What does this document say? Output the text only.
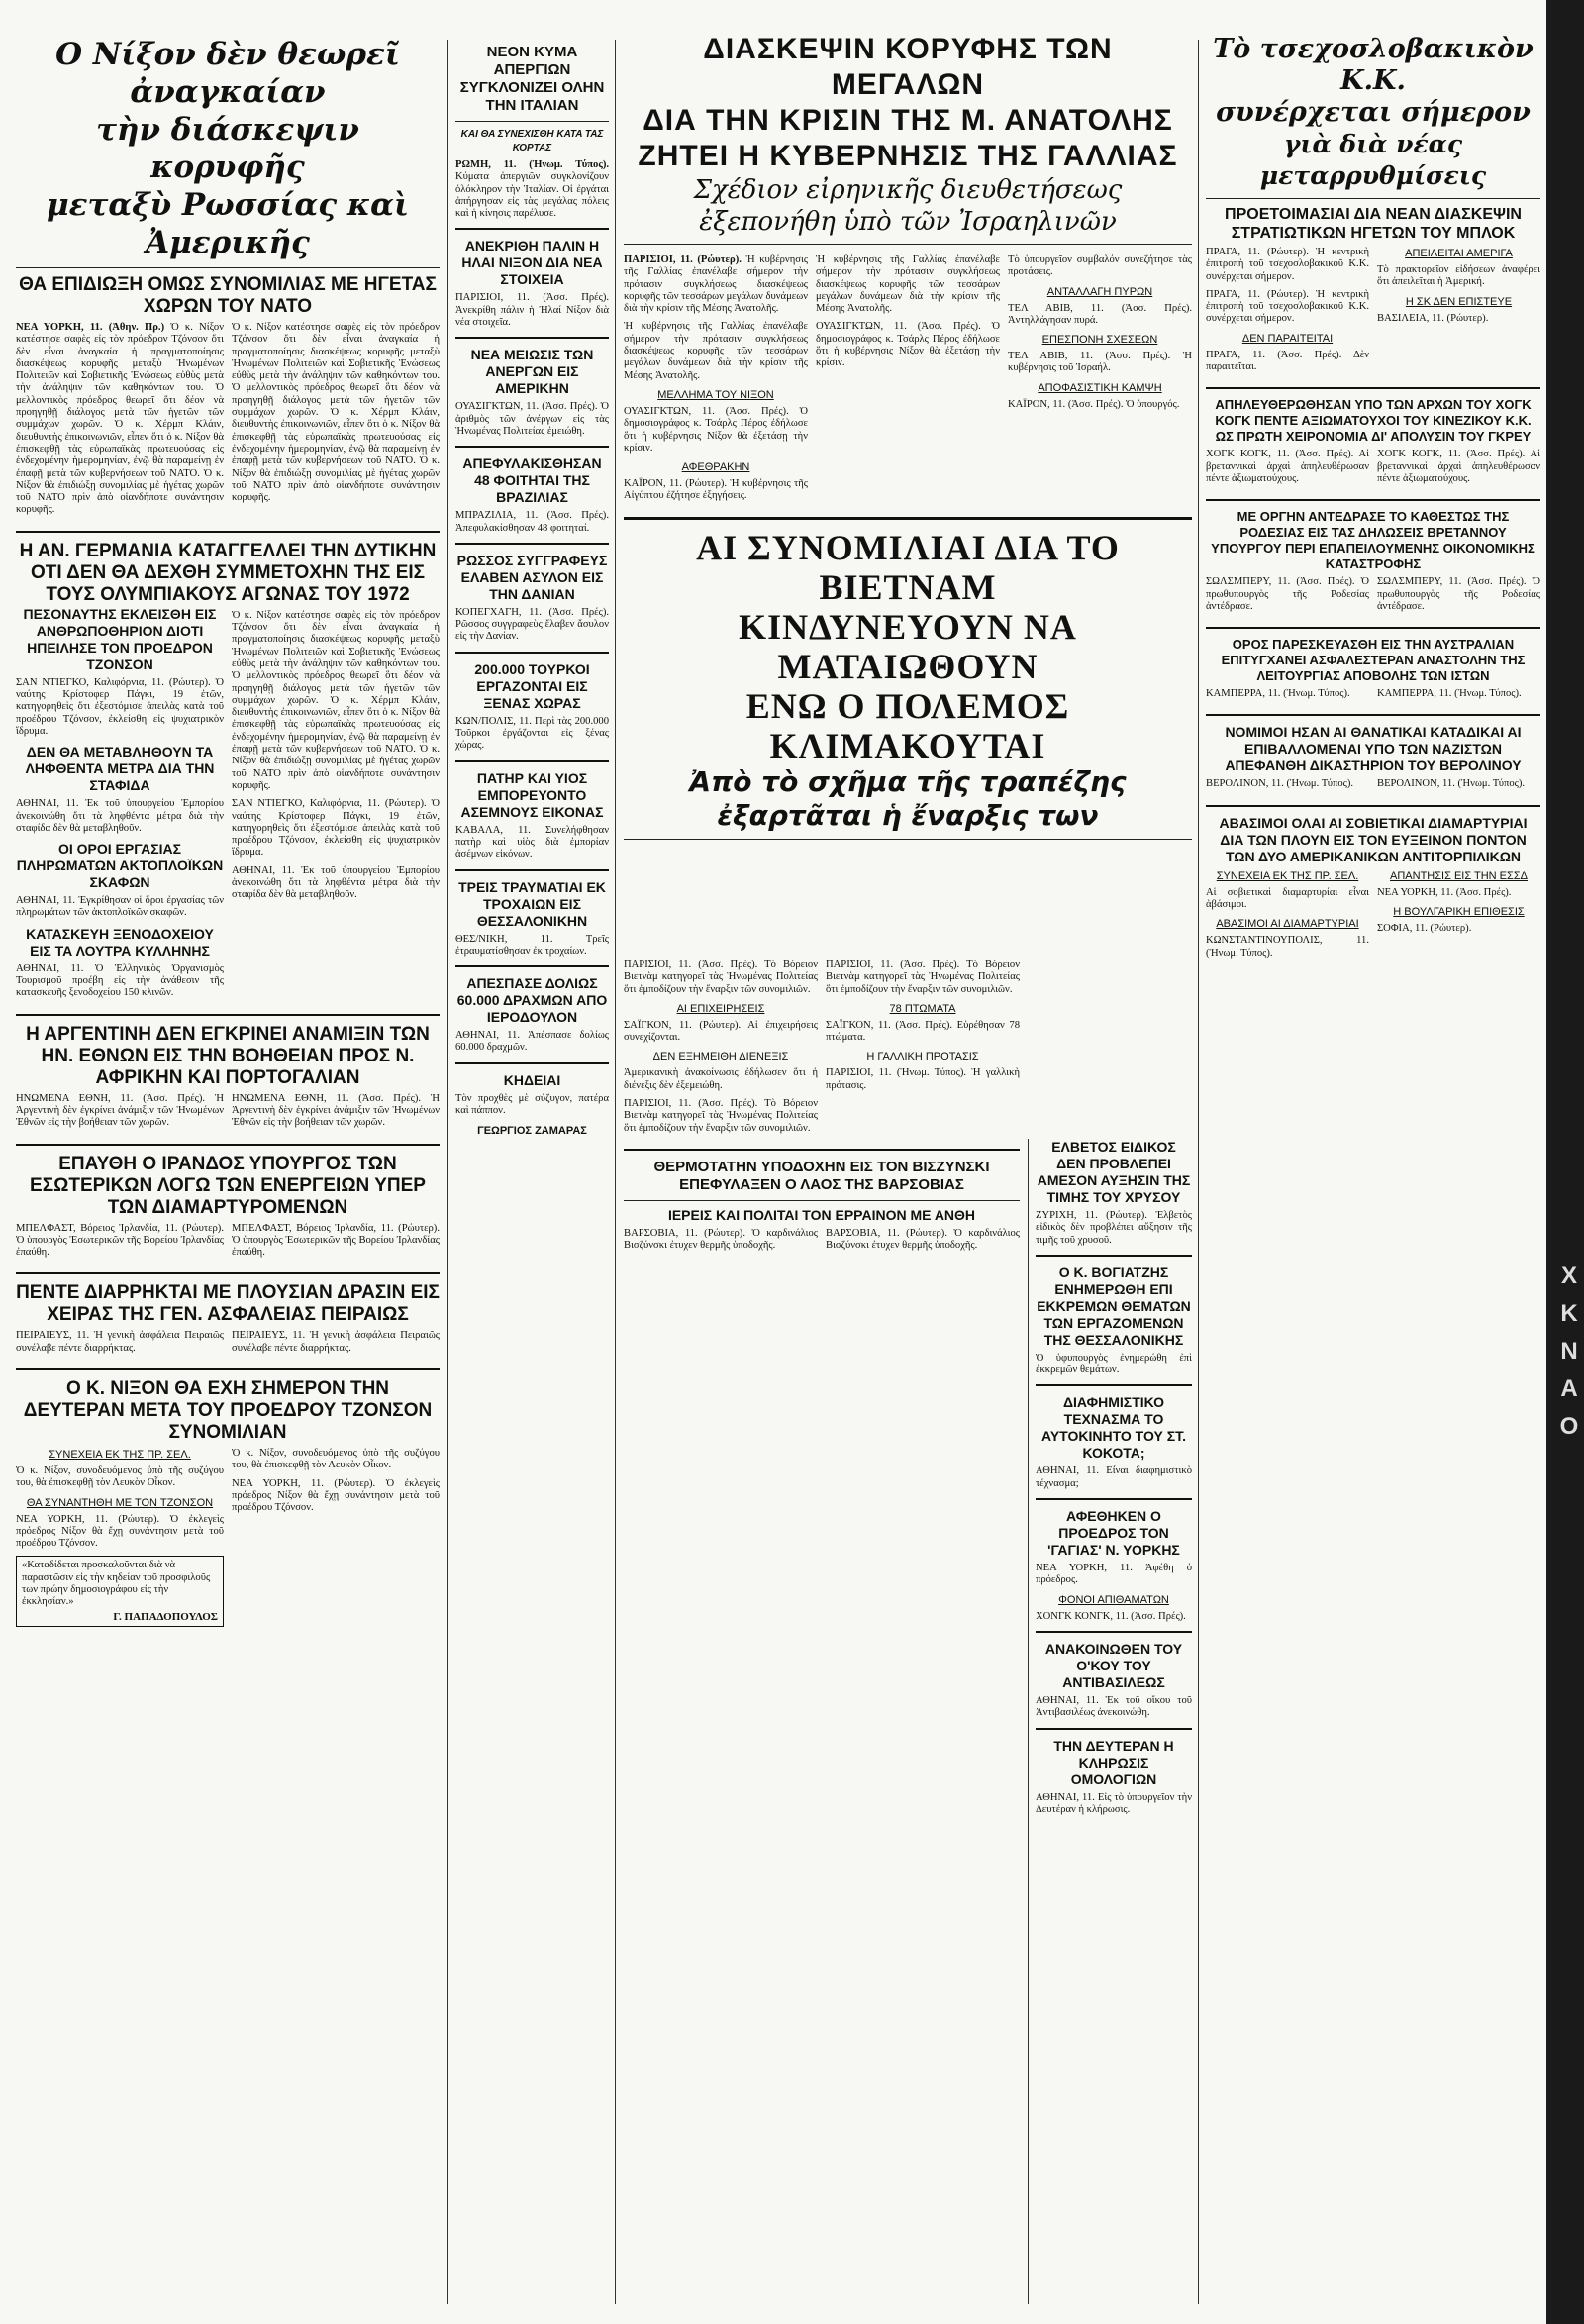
Ο Νίξον δὲν θεωρεῖ ἀναγκαίαν
τὴν διάσκεψιν κορυφῆς
μεταξὺ Ρωσσίας καὶ Ἀμερικῆς
ΘΑ ΕΠΙΔΙΩΞΗ ΟΜΩΣ ΣΥΝΟΜΙΛΙΑΣ ΜΕ ΗΓΕΤΑΣ ΧΩΡΩΝ ΤΟΥ ΝΑΤΟ

ΝΕΑ ΥΟΡΚΗ, 11. (Ἀθην. Πρ.) Ὁ κ. Νίξον κατέστησε σαφὲς εἰς τὸν πρόεδρον Τζόνσον ὅτι δὲν εἶναι ἀναγκαία ἡ πραγματοποίησις διασκέψεως κορυφῆς μεταξὺ Ἡνωμένων Πολιτειῶν καὶ Σοβιετικῆς Ἑνώσεως εὐθὺς μετὰ τὴν ἀνάληψιν τῶν καθηκόντων του. Ὁ μελλοντικὸς πρόεδρος θεωρεῖ ὅτι δέον νὰ προηγηθῇ διάλογος μετὰ τῶν ἡγετῶν τῶν συμμάχων χωρῶν. Ὁ κ. Χέρμπ Κλάιν, διευθυντὴς ἐπικοινωνιῶν, εἶπεν ὅτι ὁ κ. Νίξον θὰ ἐπισκεφθῇ τὰς εὐρωπαϊκὰς πρωτευούσας εἰς ἐνδεχομένην ἡμερομηνίαν, ἐνῷ θὰ παραμείνῃ ἐν ἐπαφῇ μετὰ τῶν κυβερνήσεων τοῦ ΝΑΤΟ. Ὁ κ. Νίξον θὰ ἐπιδιώξῃ συνομιλίας μὲ ἡγέτας χωρῶν τοῦ ΝΑΤΟ πρὶν ἀπὸ οἱανδήποτε συνάντησιν κορυφῆς.

Ὁ κ. Νίξον κατέστησε σαφὲς εἰς τὸν πρόεδρον Τζόνσον ὅτι δὲν εἶναι ἀναγκαία ἡ πραγματοποίησις διασκέψεως κορυφῆς μεταξὺ Ἡνωμένων Πολιτειῶν καὶ Σοβιετικῆς Ἑνώσεως εὐθὺς μετὰ τὴν ἀνάληψιν τῶν καθηκόντων του. Ὁ μελλοντικὸς πρόεδρος θεωρεῖ ὅτι δέον νὰ προηγηθῇ διάλογος μετὰ τῶν ἡγετῶν τῶν συμμάχων χωρῶν. Ὁ κ. Χέρμπ Κλάιν, διευθυντὴς ἐπικοινωνιῶν, εἶπεν ὅτι ὁ κ. Νίξον θὰ ἐπισκεφθῇ τὰς εὐρωπαϊκὰς πρωτευούσας εἰς ἐνδεχομένην ἡμερομηνίαν, ἐνῷ θὰ παραμείνῃ ἐν ἐπαφῇ μετὰ τῶν κυβερνήσεων τοῦ ΝΑΤΟ. Ὁ κ. Νίξον θὰ ἐπιδιώξῃ συνομιλίας μὲ ἡγέτας χωρῶν τοῦ ΝΑΤΟ πρὶν ἀπὸ οἱανδήποτε συνάντησιν κορυφῆς.

Η ΑΝ. ΓΕΡΜΑΝΙΑ ΚΑΤΑΓΓΕΛΛΕΙ ΤΗΝ ΔΥΤΙΚΗΝ ΟΤΙ ΔΕΝ ΘΑ ΔΕΧΘΗ ΣΥΜΜΕΤΟΧΗΝ ΤΗΣ ΕΙΣ ΤΟΥΣ ΟΛΥΜΠΙΑΚΟΥΣ ΑΓΩΝΑΣ ΤΟΥ 1972
ΠΕΣΟΝΑΥΤΗΣ ΕΚΛΕΙΣΘΗ ΕΙΣ ΑΝΘΡΩΠΟΘΗΡΙΟΝ ΔΙΟΤΙ ΗΠΕΙΛΗΣΕ ΤΟΝ ΠΡΟΕΔΡΟΝ ΤΖΟΝΣΟΝ

ΣΑΝ ΝΤΙΕΓΚΟ, Καλιφόρνια, 11. (Ρώυτερ). Ὁ ναύτης Κρίστοφερ Πάγκι, 19 ἐτῶν, κατηγορηθεὶς ὅτι ἐξεστόμισε ἀπειλὰς κατὰ τοῦ προέδρου Τζόνσον, ἐκλείσθη εἰς ψυχιατρικὸν ἵδρυμα.

ΔΕΝ ΘΑ ΜΕΤΑΒΛΗΘΟΥΝ ΤΑ ΛΗΦΘΕΝΤΑ ΜΕΤΡΑ ΔΙΑ ΤΗΝ ΣΤΑΦΙΔΑ

ΑΘΗΝΑΙ, 11. Ἐκ τοῦ ὑπουργείου Ἐμπορίου ἀνεκοινώθη ὅτι τὰ ληφθέντα μέτρα διὰ τὴν σταφίδα δὲν θὰ μεταβληθοῦν.

ΟΙ ΟΡΟΙ ΕΡΓΑΣΙΑΣ ΠΛΗΡΩΜΑΤΩΝ ΑΚΤΟΠΛΟΪΚΩΝ ΣΚΑΦΩΝ

ΑΘΗΝΑΙ, 11. Ἐγκρίθησαν οἱ ὅροι ἐργασίας τῶν πληρωμάτων τῶν ἀκτοπλοϊκῶν σκαφῶν.

ΚΑΤΑΣΚΕΥΗ ΞΕΝΟΔΟΧΕΙΟΥ ΕΙΣ ΤΑ ΛΟΥΤΡΑ ΚΥΛΛΗΝΗΣ

ΑΘΗΝΑΙ, 11. Ὁ Ἑλληνικὸς Ὀργανισμὸς Τουρισμοῦ προέβη εἰς τὴν ἀνάθεσιν τῆς κατασκευῆς ξενοδοχείου 150 κλινῶν.

Ὁ κ. Νίξον κατέστησε σαφὲς εἰς τὸν πρόεδρον Τζόνσον ὅτι δὲν εἶναι ἀναγκαία ἡ πραγματοποίησις διασκέψεως κορυφῆς μεταξὺ Ἡνωμένων Πολιτειῶν καὶ Σοβιετικῆς Ἑνώσεως εὐθὺς μετὰ τὴν ἀνάληψιν τῶν καθηκόντων του. Ὁ μελλοντικὸς πρόεδρος θεωρεῖ ὅτι δέον νὰ προηγηθῇ διάλογος μετὰ τῶν ἡγετῶν τῶν συμμάχων χωρῶν. Ὁ κ. Χέρμπ Κλάιν, διευθυντὴς ἐπικοινωνιῶν, εἶπεν ὅτι ὁ κ. Νίξον θὰ ἐπισκεφθῇ τὰς εὐρωπαϊκὰς πρωτευούσας εἰς ἐνδεχομένην ἡμερομηνίαν, ἐνῷ θὰ παραμείνῃ ἐν ἐπαφῇ μετὰ τῶν κυβερνήσεων τοῦ ΝΑΤΟ. Ὁ κ. Νίξον θὰ ἐπιδιώξῃ συνομιλίας μὲ ἡγέτας χωρῶν τοῦ ΝΑΤΟ πρὶν ἀπὸ οἱανδήποτε συνάντησιν κορυφῆς.

ΣΑΝ ΝΤΙΕΓΚΟ, Καλιφόρνια, 11. (Ρώυτερ). Ὁ ναύτης Κρίστοφερ Πάγκι, 19 ἐτῶν, κατηγορηθεὶς ὅτι ἐξεστόμισε ἀπειλὰς κατὰ τοῦ προέδρου Τζόνσον, ἐκλείσθη εἰς ψυχιατρικὸν ἵδρυμα.

ΑΘΗΝΑΙ, 11. Ἐκ τοῦ ὑπουργείου Ἐμπορίου ἀνεκοινώθη ὅτι τὰ ληφθέντα μέτρα διὰ τὴν σταφίδα δὲν θὰ μεταβληθοῦν.

Η ΑΡΓΕΝΤΙΝΗ ΔΕΝ ΕΓΚΡΙΝΕΙ ΑΝΑΜΙΞΙΝ ΤΩΝ ΗΝ. ΕΘΝΩΝ ΕΙΣ ΤΗΝ ΒΟΗΘΕΙΑΝ ΠΡΟΣ Ν. ΑΦΡΙΚΗΝ ΚΑΙ ΠΟΡΤΟΓΑΛΙΑΝ

ΗΝΩΜΕΝΑ ΕΘΝΗ, 11. (Ἀσσ. Πρές). Ἡ Ἀργεντινὴ δὲν ἐγκρίνει ἀνάμιξιν τῶν Ἡνωμένων Ἐθνῶν εἰς τὴν βοήθειαν τῶν χωρῶν.

ΗΝΩΜΕΝΑ ΕΘΝΗ, 11. (Ἀσσ. Πρές). Ἡ Ἀργεντινὴ δὲν ἐγκρίνει ἀνάμιξιν τῶν Ἡνωμένων Ἐθνῶν εἰς τὴν βοήθειαν τῶν χωρῶν.

ΕΠΑΥΘΗ Ο ΙΡΑΝΔΟΣ ΥΠΟΥΡΓΟΣ ΤΩΝ ΕΣΩΤΕΡΙΚΩΝ ΛΟΓΩ ΤΩΝ ΕΝΕΡΓΕΙΩΝ ΥΠΕΡ ΤΩΝ ΔΙΑΜΑΡΤΥΡΟΜΕΝΩΝ

ΜΠΕΛΦΑΣΤ, Βόρειος Ἰρλανδία, 11. (Ρώυτερ). Ὁ ὑπουργὸς Ἐσωτερικῶν τῆς Βορείου Ἰρλανδίας ἐπαύθη.

ΜΠΕΛΦΑΣΤ, Βόρειος Ἰρλανδία, 11. (Ρώυτερ). Ὁ ὑπουργὸς Ἐσωτερικῶν τῆς Βορείου Ἰρλανδίας ἐπαύθη.

ΠΕΝΤΕ ΔΙΑΡΡΗΚΤΑΙ ΜΕ ΠΛΟΥΣΙΑΝ ΔΡΑΣΙΝ ΕΙΣ ΧΕΙΡΑΣ ΤΗΣ ΓΕΝ. ΑΣΦΑΛΕΙΑΣ ΠΕΙΡΑΙΩΣ

ΠΕΙΡΑΙΕΥΣ, 11. Ἡ γενικὴ ἀσφάλεια Πειραιῶς συνέλαβε πέντε διαρρήκτας.

ΠΕΙΡΑΙΕΥΣ, 11. Ἡ γενικὴ ἀσφάλεια Πειραιῶς συνέλαβε πέντε διαρρήκτας.

Ο Κ. ΝΙΞΟΝ ΘΑ ΕΧΗ ΣΗΜΕΡΟΝ ΤΗΝ ΔΕΥΤΕΡΑΝ ΜΕΤΑ ΤΟΥ ΠΡΟΕΔΡΟΥ ΤΖΟΝΣΟΝ ΣΥΝΟΜΙΛΙΑΝ
ΣΥΝΕΧΕΙΑ ΕΚ ΤΗΣ ΠΡ. ΣΕΛ.

Ὁ κ. Νίξον, συνοδευόμενος ὑπὸ τῆς συζύγου του, θὰ ἐπισκεφθῇ τὸν Λευκὸν Οἶκον.

ΘΑ ΣΥΝΑΝΤΗΘΗ ΜΕ ΤΟΝ ΤΖΟΝΣΟΝ

ΝΕΑ ΥΟΡΚΗ, 11. (Ρώυτερ). Ὁ ἐκλεγεὶς πρόεδρος Νίξον θὰ ἔχῃ συνάντησιν μετὰ τοῦ προέδρου Τζόνσον.

«Καταδίδεται προσκαλοῦνται διὰ νὰ παραστῶσιν εἰς τὴν κηδείαν τοῦ προσφιλοῦς των πρώην δημοσιογράφου εἰς τὴν ἐκκλησίαν.»
Γ. ΠΑΠΑΔΟΠΟΥΛΟΣ

Ὁ κ. Νίξον, συνοδευόμενος ὑπὸ τῆς συζύγου του, θὰ ἐπισκεφθῇ τὸν Λευκὸν Οἶκον.

ΝΕΑ ΥΟΡΚΗ, 11. (Ρώυτερ). Ὁ ἐκλεγεὶς πρόεδρος Νίξον θὰ ἔχῃ συνάντησιν μετὰ τοῦ προέδρου Τζόνσον.

ΝΕΟΝ ΚΥΜΑ ΑΠΕΡΓΙΩΝ ΣΥΓΚΛΟΝΙΖΕΙ ΟΛΗΝ ΤΗΝ ΙΤΑΛΙΑΝ
ΚΑΙ ΘΑ ΣΥΝΕΧΙΣΘΗ ΚΑΤΑ ΤΑΣ ΚΟΡΤΑΣ

ΡΩΜΗ, 11. (Ἠνωμ. Τύπος). Κύματα ἀπεργιῶν συγκλονίζουν ὁλόκληρον τὴν Ἰταλίαν. Οἱ ἐργάται ἀπήργησαν εἰς τὰς μεγάλας πόλεις καὶ ἡ κίνησις παρέλυσε.

ΑΝΕΚΡΙΘΗ ΠΑΛΙΝ Η ΗΛΑΙ ΝΙΞΟΝ ΔΙΑ ΝΕΑ ΣΤΟΙΧΕΙΑ

ΠΑΡΙΣΙΟΙ, 11. (Ἀσσ. Πρές). Ἀνεκρίθη πάλιν ἡ Ἠλαί Νίξον διὰ νέα στοιχεῖα.

ΝΕΑ ΜΕΙΩΣΙΣ ΤΩΝ ΑΝΕΡΓΩΝ ΕΙΣ ΑΜΕΡΙΚΗΝ

ΟΥΑΣΙΓΚΤΩΝ, 11. (Ἀσσ. Πρές). Ὁ ἀριθμὸς τῶν ἀνέργων εἰς τὰς Ἡνωμένας Πολιτείας ἐμειώθη.

ΑΠΕΦΥΛΑΚΙΣΘΗΣΑΝ 48 ΦΟΙΤΗΤΑΙ ΤΗΣ ΒΡΑΖΙΛΙΑΣ

ΜΠΡΑΖΙΛΙΑ, 11. (Ἀσσ. Πρές). Ἀπεφυλακίσθησαν 48 φοιτηταί.

ΡΩΣΣΟΣ ΣΥΓΓΡΑΦΕΥΣ ΕΛΑΒΕΝ ΑΣΥΛΟΝ ΕΙΣ ΤΗΝ ΔΑΝΙΑΝ

ΚΟΠΕΓΧΑΓΗ, 11. (Ἀσσ. Πρές). Ρῶσσος συγγραφεὺς ἔλαβεν ἄσυλον εἰς τὴν Δανίαν.

200.000 ΤΟΥΡΚΟΙ ΕΡΓΑΖΟΝΤΑΙ ΕΙΣ ΞΕΝΑΣ ΧΩΡΑΣ

ΚΩΝ/ΠΟΛΙΣ, 11. Περὶ τὰς 200.000 Τοῦρκοι ἐργάζονται εἰς ξένας χώρας.

ΠΑΤΗΡ ΚΑΙ ΥΙΟΣ ΕΜΠΟΡΕΥΟΝΤΟ ΑΣΕΜΝΟΥΣ ΕΙΚΟΝΑΣ

ΚΑΒΑΛΑ, 11. Συνελήφθησαν πατὴρ καὶ υἱὸς διὰ ἐμπορίαν ἀσέμνων εἰκόνων.

ΤΡΕΙΣ ΤΡΑΥΜΑΤΙΑΙ ΕΚ ΤΡΟΧΑΙΩΝ ΕΙΣ ΘΕΣΣΑΛΟΝΙΚΗΝ

ΘΕΣ/ΝΙΚΗ, 11. Τρεῖς ἐτραυματίσθησαν ἐκ τροχαίων.

ΑΠΕΣΠΑΣΕ ΔΟΛΙΩΣ 60.000 ΔΡΑΧΜΩΝ ΑΠΟ ΙΕΡΟΔΟΥΛΟΝ

ΑΘΗΝΑΙ, 11. Ἀπέσπασε δολίως 60.000 δραχμῶν.

ΚΗΔΕΙΑΙ

Τὸν προχθὲς μὲ σύζυγον, πατέρα καὶ πάππον.

ΓΕΩΡΓΙΟΣ ΖΑΜΑΡΑΣ
ΔΙΑΣΚΕΨΙΝ ΚΟΡΥΦΗΣ ΤΩΝ ΜΕΓΑΛΩΝ
ΔΙΑ ΤΗΝ ΚΡΙΣΙΝ ΤΗΣ Μ. ΑΝΑΤΟΛΗΣ
ΖΗΤΕΙ Η ΚΥΒΕΡΝΗΣΙΣ ΤΗΣ ΓΑΛΛΙΑΣ
Σχέδιον εἰρηνικῆς διευθετήσεως ἐξεπονήθη ὑπὸ τῶν Ἰσραηλινῶν

ΠΑΡΙΣΙΟΙ, 11. (Ρώυτερ). Ἡ κυβέρνησις τῆς Γαλλίας ἐπανέλαβε σήμερον τὴν πρότασιν συγκλήσεως διασκέψεως κορυφῆς τῶν τεσσάρων μεγάλων δυνάμεων διὰ τὴν κρίσιν τῆς Μέσης Ἀνατολῆς.

Ἡ κυβέρνησις τῆς Γαλλίας ἐπανέλαβε σήμερον τὴν πρότασιν συγκλήσεως διασκέψεως κορυφῆς τῶν τεσσάρων μεγάλων δυνάμεων διὰ τὴν κρίσιν τῆς Μέσης Ἀνατολῆς.

ΜΕΛΛΗΜΑ ΤΟΥ ΝΙΞΟΝ

ΟΥΑΣΙΓΚΤΩΝ, 11. (Ἀσσ. Πρές). Ὁ δημοσιογράφος κ. Τσάρλς Πέρος ἐδήλωσε ὅτι ἡ κυβέρνησις Νίξον θὰ ἐξετάσῃ τὴν κρίσιν.

ΑΦΕΘΡΑΚΗΝ

ΚΑΪΡΟΝ, 11. (Ρώυτερ). Ἡ κυβέρνησις τῆς Αἰγύπτου ἐζήτησε ἐξηγήσεις.

Ἡ κυβέρνησις τῆς Γαλλίας ἐπανέλαβε σήμερον τὴν πρότασιν συγκλήσεως διασκέψεως κορυφῆς τῶν τεσσάρων μεγάλων δυνάμεων διὰ τὴν κρίσιν τῆς Μέσης Ἀνατολῆς.

ΟΥΑΣΙΓΚΤΩΝ, 11. (Ἀσσ. Πρές). Ὁ δημοσιογράφος κ. Τσάρλς Πέρος ἐδήλωσε ὅτι ἡ κυβέρνησις Νίξον θὰ ἐξετάσῃ τὴν κρίσιν.

Τὸ ὑπουργεῖον συμβαλόν συνεζήτησε τὰς προτάσεις.

ΑΝΤΑΛΛΑΓΗ ΠΥΡΩΝ

ΤΕΛ ΑΒΙΒ, 11. (Ἀσσ. Πρές). Ἀντηλλάγησαν πυρά.

ΕΠΕΣΠΟΝΗ ΣΧΕΣΕΩΝ

ΤΕΛ ΑΒΙΒ, 11. (Ἀσσ. Πρές). Ἡ κυβέρνησις τοῦ Ἰσραήλ.

ΑΠΟΦΑΣΙΣΤΙΚΗ ΚΑΜΨΗ

ΚΑΪΡΟΝ, 11. (Ἀσσ. Πρές). Ὁ ὑπουργός.

ΑΙ ΣΥΝΟΜΙΛΙΑΙ ΔΙΑ ΤΟ ΒΙΕΤΝΑΜ
ΚΙΝΔΥΝΕΥΟΥΝ ΝΑ ΜΑΤΑΙΩΘΟΥΝ
ΕΝΩ Ο ΠΟΛΕΜΟΣ ΚΛΙΜΑΚΟΥΤΑΙ
Ἀπὸ τὸ σχῆμα τῆς τραπέζης ἐξαρτᾶται ἡ ἔναρξις των

ΠΑΡΙΣΙΟΙ, 11. (Ἀσσ. Πρές). Τὸ Βόρειον Βιετνὰμ κατηγορεῖ τὰς Ἡνωμένας Πολιτείας ὅτι ἐμποδίζουν τὴν ἔναρξιν τῶν συνομιλιῶν.

ΑΙ ΕΠΙΧΕΙΡΗΣΕΙΣ

ΣΑΪΓΚΟΝ, 11. (Ρώυτερ). Αἱ ἐπιχειρήσεις συνεχίζονται.

ΔΕΝ ΕΞΗΜΕΙΘΗ ΔΙΕΝΕΞΙΣ

Ἀμερικανικὴ ἀνακοίνωσις ἐδήλωσεν ὅτι ἡ διένεξις δὲν ἐξεμειώθη.

ΠΑΡΙΣΙΟΙ, 11. (Ἀσσ. Πρές). Τὸ Βόρειον Βιετνὰμ κατηγορεῖ τὰς Ἡνωμένας Πολιτείας ὅτι ἐμποδίζουν τὴν ἔναρξιν τῶν συνομιλιῶν.

ΠΑΡΙΣΙΟΙ, 11. (Ἀσσ. Πρές). Τὸ Βόρειον Βιετνὰμ κατηγορεῖ τὰς Ἡνωμένας Πολιτείας ὅτι ἐμποδίζουν τὴν ἔναρξιν τῶν συνομιλιῶν.

78 ΠΤΩΜΑΤΑ

ΣΑΪΓΚΟΝ, 11. (Ἀσσ. Πρές). Εὑρέθησαν 78 πτώματα.

Η ΓΑΛΛΙΚΗ ΠΡΟΤΑΣΙΣ

ΠΑΡΙΣΙΟΙ, 11. (Ἠνωμ. Τύπος). Ἡ γαλλικὴ πρότασις.

ΘΕΡΜΟΤΑΤΗΝ ΥΠΟΔΟΧΗΝ ΕΙΣ ΤΟΝ ΒΙΣΖΥΝΣΚΙ ΕΠΕΦΥΛΑΞΕΝ Ο ΛΑΟΣ ΤΗΣ ΒΑΡΣΟΒΙΑΣ
ΙΕΡΕΙΣ ΚΑΙ ΠΟΛΙΤΑΙ ΤΟΝ ΕΡΡΑΙΝΟΝ ΜΕ ΑΝΘΗ

ΒΑΡΣΟΒΙΑ, 11. (Ρώυτερ). Ὁ καρδινάλιος Βισζύνσκι ἐτυχεν θερμῆς ὑποδοχῆς.

ΒΑΡΣΟΒΙΑ, 11. (Ρώυτερ). Ὁ καρδινάλιος Βισζύνσκι ἐτυχεν θερμῆς ὑποδοχῆς.

ΕΛΒΕΤΟΣ ΕΙΔΙΚΟΣ ΔΕΝ ΠΡΟΒΛΕΠΕΙ ΑΜΕΣΟΝ ΑΥΞΗΣΙΝ ΤΗΣ ΤΙΜΗΣ ΤΟΥ ΧΡΥΣΟΥ

ΖΥΡΙΧΗ, 11. (Ρώυτερ). Ἐλβετὸς εἰδικὸς δὲν προβλέπει αὔξησιν τῆς τιμῆς τοῦ χρυσοῦ.

Ο Κ. ΒΟΓΙΑΤΖΗΣ ΕΝΗΜΕΡΩΘΗ ΕΠΙ ΕΚΚΡΕΜΩΝ ΘΕΜΑΤΩΝ ΤΩΝ ΕΡΓΑΖΟΜΕΝΩΝ ΤΗΣ ΘΕΣΣΑΛΟΝΙΚΗΣ

Ὁ ὑφυπουργὸς ἐνημερώθη ἐπὶ ἐκκρεμῶν θεμάτων.

ΔΙΑΦΗΜΙΣΤΙΚΟ ΤΕΧΝΑΣΜΑ ΤΟ ΑΥΤΟΚΙΝΗΤΟ ΤΟΥ ΣΤ. ΚΟΚΟΤΑ;

ΑΘΗΝΑΙ, 11. Εἶναι διαφημιστικὸ τέχνασμα;

ΑΦΕΘΗΚΕΝ Ο ΠΡΟΕΔΡΟΣ ΤΟΝ 'ΓΑΓΙΑΣ' Ν. ΥΟΡΚΗΣ

ΝΕΑ ΥΟΡΚΗ, 11. Ἀφέθη ὁ πρόεδρος.

ΦΟΝΟΙ ΑΠΙΘΑΜΑΤΩΝ

ΧΟΝΓΚ ΚΟΝΓΚ, 11. (Ἀσσ. Πρές).

ΑΝΑΚΟΙΝΩΘΕΝ ΤΟΥ Ο'ΚΟΥ ΤΟΥ ΑΝΤΙΒΑΣΙΛΕΩΣ

ΑΘΗΝΑΙ, 11. Ἐκ τοῦ οἴκου τοῦ Ἀντιβασιλέως ἀνεκοινώθη.

ΤΗΝ ΔΕΥΤΕΡΑΝ Η ΚΛΗΡΩΣΙΣ ΟΜΟΛΟΓΙΩΝ

ΑΘΗΝΑΙ, 11. Εἰς τὸ ὑπουργεῖον τὴν Δευτέραν ἡ κλήρωσις.

Τὸ τσεχοσλοβακικὸν Κ.Κ.
συνέρχεται σήμερον
γιὰ διὰ νέας μεταρρυθμίσεις
ΠΡΟΕΤΟΙΜΑΣΙΑΙ ΔΙΑ ΝΕΑΝ ΔΙΑΣΚΕΨΙΝ ΣΤΡΑΤΙΩΤΙΚΩΝ ΗΓΕΤΩΝ ΤΟΥ ΜΠΛΟΚ

ΠΡΑΓΑ, 11. (Ρώυτερ). Ἡ κεντρικὴ ἐπιτροπὴ τοῦ τσεχοσλοβακικοῦ Κ.Κ. συνέρχεται σήμερον.

ΠΡΑΓΑ, 11. (Ρώυτερ). Ἡ κεντρικὴ ἐπιτροπὴ τοῦ τσεχοσλοβακικοῦ Κ.Κ. συνέρχεται σήμερον.

ΔΕΝ ΠΑΡΑΙΤΕΙΤΑΙ

ΠΡΑΓΑ, 11. (Ἀσσ. Πρές). Δὲν παραιτεῖται.

ΑΠΕΙΛΕΙΤΑΙ ΑΜΕΡΙΓΑ

Τὸ πρακτορεῖον εἰδήσεων ἀναφέρει ὅτι ἀπειλεῖται ἡ Ἀμερική.

Η ΣΚ ΔΕΝ ΕΠΙΣΤΕΥΕ

ΒΑΣΙΛΕΙΑ, 11. (Ρώυτερ).

ΑΠΗΛΕΥΘΕΡΩΘΗΣΑΝ ΥΠΟ ΤΩΝ ΑΡΧΩΝ ΤΟΥ ΧΟΓΚ ΚΟΓΚ ΠΕΝΤΕ ΑΞΙΩΜΑΤΟΥΧΟΙ ΤΟΥ ΚΙΝΕΖΙΚΟΥ Κ.Κ. ΩΣ ΠΡΩΤΗ ΧΕΙΡΟΝΟΜΙΑ ΔΙ' ΑΠΟΛΥΣΙΝ ΤΟΥ ΓΚΡΕΥ

ΧΟΓΚ ΚΟΓΚ, 11. (Ἀσσ. Πρές). Αἱ βρεταννικαὶ ἀρχαὶ ἀπηλευθέρωσαν πέντε ἀξιωματούχους.

ΧΟΓΚ ΚΟΓΚ, 11. (Ἀσσ. Πρές). Αἱ βρεταννικαὶ ἀρχαὶ ἀπηλευθέρωσαν πέντε ἀξιωματούχους.

ΜΕ ΟΡΓΗΝ ΑΝΤΕΔΡΑΣΕ ΤΟ ΚΑΘΕΣΤΩΣ ΤΗΣ ΡΟΔΕΣΙΑΣ ΕΙΣ ΤΑΣ ΔΗΛΩΣΕΙΣ ΒΡΕΤΑΝΝΟΥ ΥΠΟΥΡΓΟΥ ΠΕΡΙ ΕΠΑΠΕΙΛΟΥΜΕΝΗΣ ΟΙΚΟΝΟΜΙΚΗΣ ΚΑΤΑΣΤΡΟΦΗΣ

ΣΩΛΣΜΠΕΡΥ, 11. (Ἀσσ. Πρές). Ὁ πρωθυπουργὸς τῆς Ροδεσίας ἀντέδρασε.

ΣΩΛΣΜΠΕΡΥ, 11. (Ἀσσ. Πρές). Ὁ πρωθυπουργὸς τῆς Ροδεσίας ἀντέδρασε.

ΟΡΟΣ ΠΑΡΕΣΚΕΥΑΣΘΗ ΕΙΣ ΤΗΝ ΑΥΣΤΡΑΛΙΑΝ ΕΠΙΤΥΓΧΑΝΕΙ ΑΣΦΑΛΕΣΤΕΡΑΝ ΑΝΑΣΤΟΛΗΝ ΤΗΣ ΛΕΙΤΟΥΡΓΙΑΣ ΑΠΟΒΟΛΗΣ ΤΩΝ ΙΣΤΩΝ

ΚΑΜΠΕΡΡΑ, 11. (Ἠνωμ. Τύπος).	ΚΑΜΠΕΡΡΑ, 11. (Ἠνωμ. Τύπος).

ΝΟΜΙΜΟΙ ΗΣΑΝ ΑΙ ΘΑΝΑΤΙΚΑΙ ΚΑΤΑΔΙΚΑΙ ΑΙ ΕΠΙΒΑΛΛΟΜΕΝΑΙ ΥΠΟ ΤΩΝ ΝΑΖΙΣΤΩΝ ΑΠΕΦΑΝΘΗ ΔΙΚΑΣΤΗΡΙΟΝ ΤΟΥ ΒΕΡΟΛΙΝΟΥ

ΒΕΡΟΛΙΝΟΝ, 11. (Ἠνωμ. Τύπος).	ΒΕΡΟΛΙΝΟΝ, 11. (Ἠνωμ. Τύπος).

ΑΒΑΣΙΜΟΙ ΟΛΑΙ ΑΙ ΣΟΒΙΕΤΙΚΑΙ ΔΙΑΜΑΡΤΥΡΙΑΙ ΔΙΑ ΤΩΝ ΠΛΟΥΝ ΕΙΣ ΤΟΝ ΕΥΞΕΙΝΟΝ ΠΟΝΤΟΝ ΤΩΝ ΔΥΟ ΑΜΕΡΙΚΑΝΙΚΩΝ ΑΝΤΙΤΟΡΠΙΛΙΚΩΝ
ΣΥΝΕΧΕΙΑ ΕΚ ΤΗΣ ΠΡ. ΣΕΛ.

Αἱ σοβιετικαὶ διαμαρτυρίαι εἶναι ἀβάσιμοι.

ΑΒΑΣΙΜΟΙ ΑΙ ΔΙΑΜΑΡΤΥΡΙΑΙ

ΚΩΝΣΤΑΝΤΙΝΟΥΠΟΛΙΣ, 11. (Ἠνωμ. Τύπος).

ΑΠΑΝΤΗΣΙΣ ΕΙΣ ΤΗΝ ΕΣΣΔ

ΝΕΑ ΥΟΡΚΗ, 11. (Ἀσσ. Πρές).

Η ΒΟΥΛΓΑΡΙΚΗ ΕΠΙΘΕΣΙΣ

ΣΟΦΙΑ, 11. (Ρώυτερ).

Χ Κ Ν Α Ο
